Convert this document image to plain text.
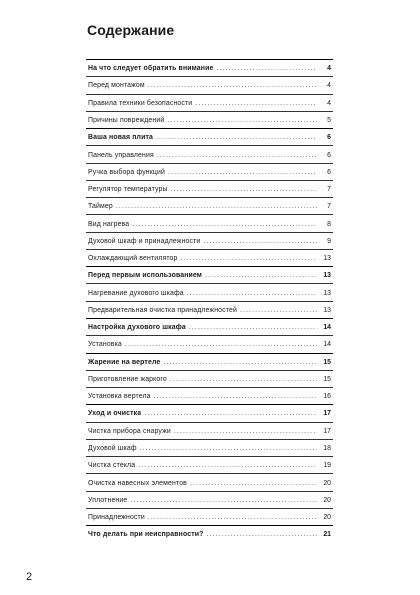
Содержание
На что следует обратить внимание . . .	4
Перед монтажом . . .	4
Правила техники безопасности . . .	4
Причины повреждений . . .	5
Ваша новая плита . . .	6
Панель управления . . .	6
Ручка выбора функций . . .	6
Регулятор температуры . . .	7
Таймер . . .	7
Вид нагрева . . .	8
Духовой шкаф и принадлежности . . .	9
Охлаждающий вентилятор . . .	13
Перед первым использованием . . .	13
Нагревание духового шкафа . . .	13
Предварительная очистка принадлежностей . . .	13
Настройка духового шкафа . . .	14
Установка . . .	14
Жарение на вертеле . . .	15
Приготовление жаркого . . .	15
Установка вертела . . .	16
Уход и очистка . . .	17
Чистка прибора снаружи . . .	17
Духовой шкаф . . .	18
Чистка стекла . . .	19
Очистка навесных элементов . . .	20
Уплотнение . . .	20
Принадлежности . . .	20
Что делать при неисправности? . . .	21
2
